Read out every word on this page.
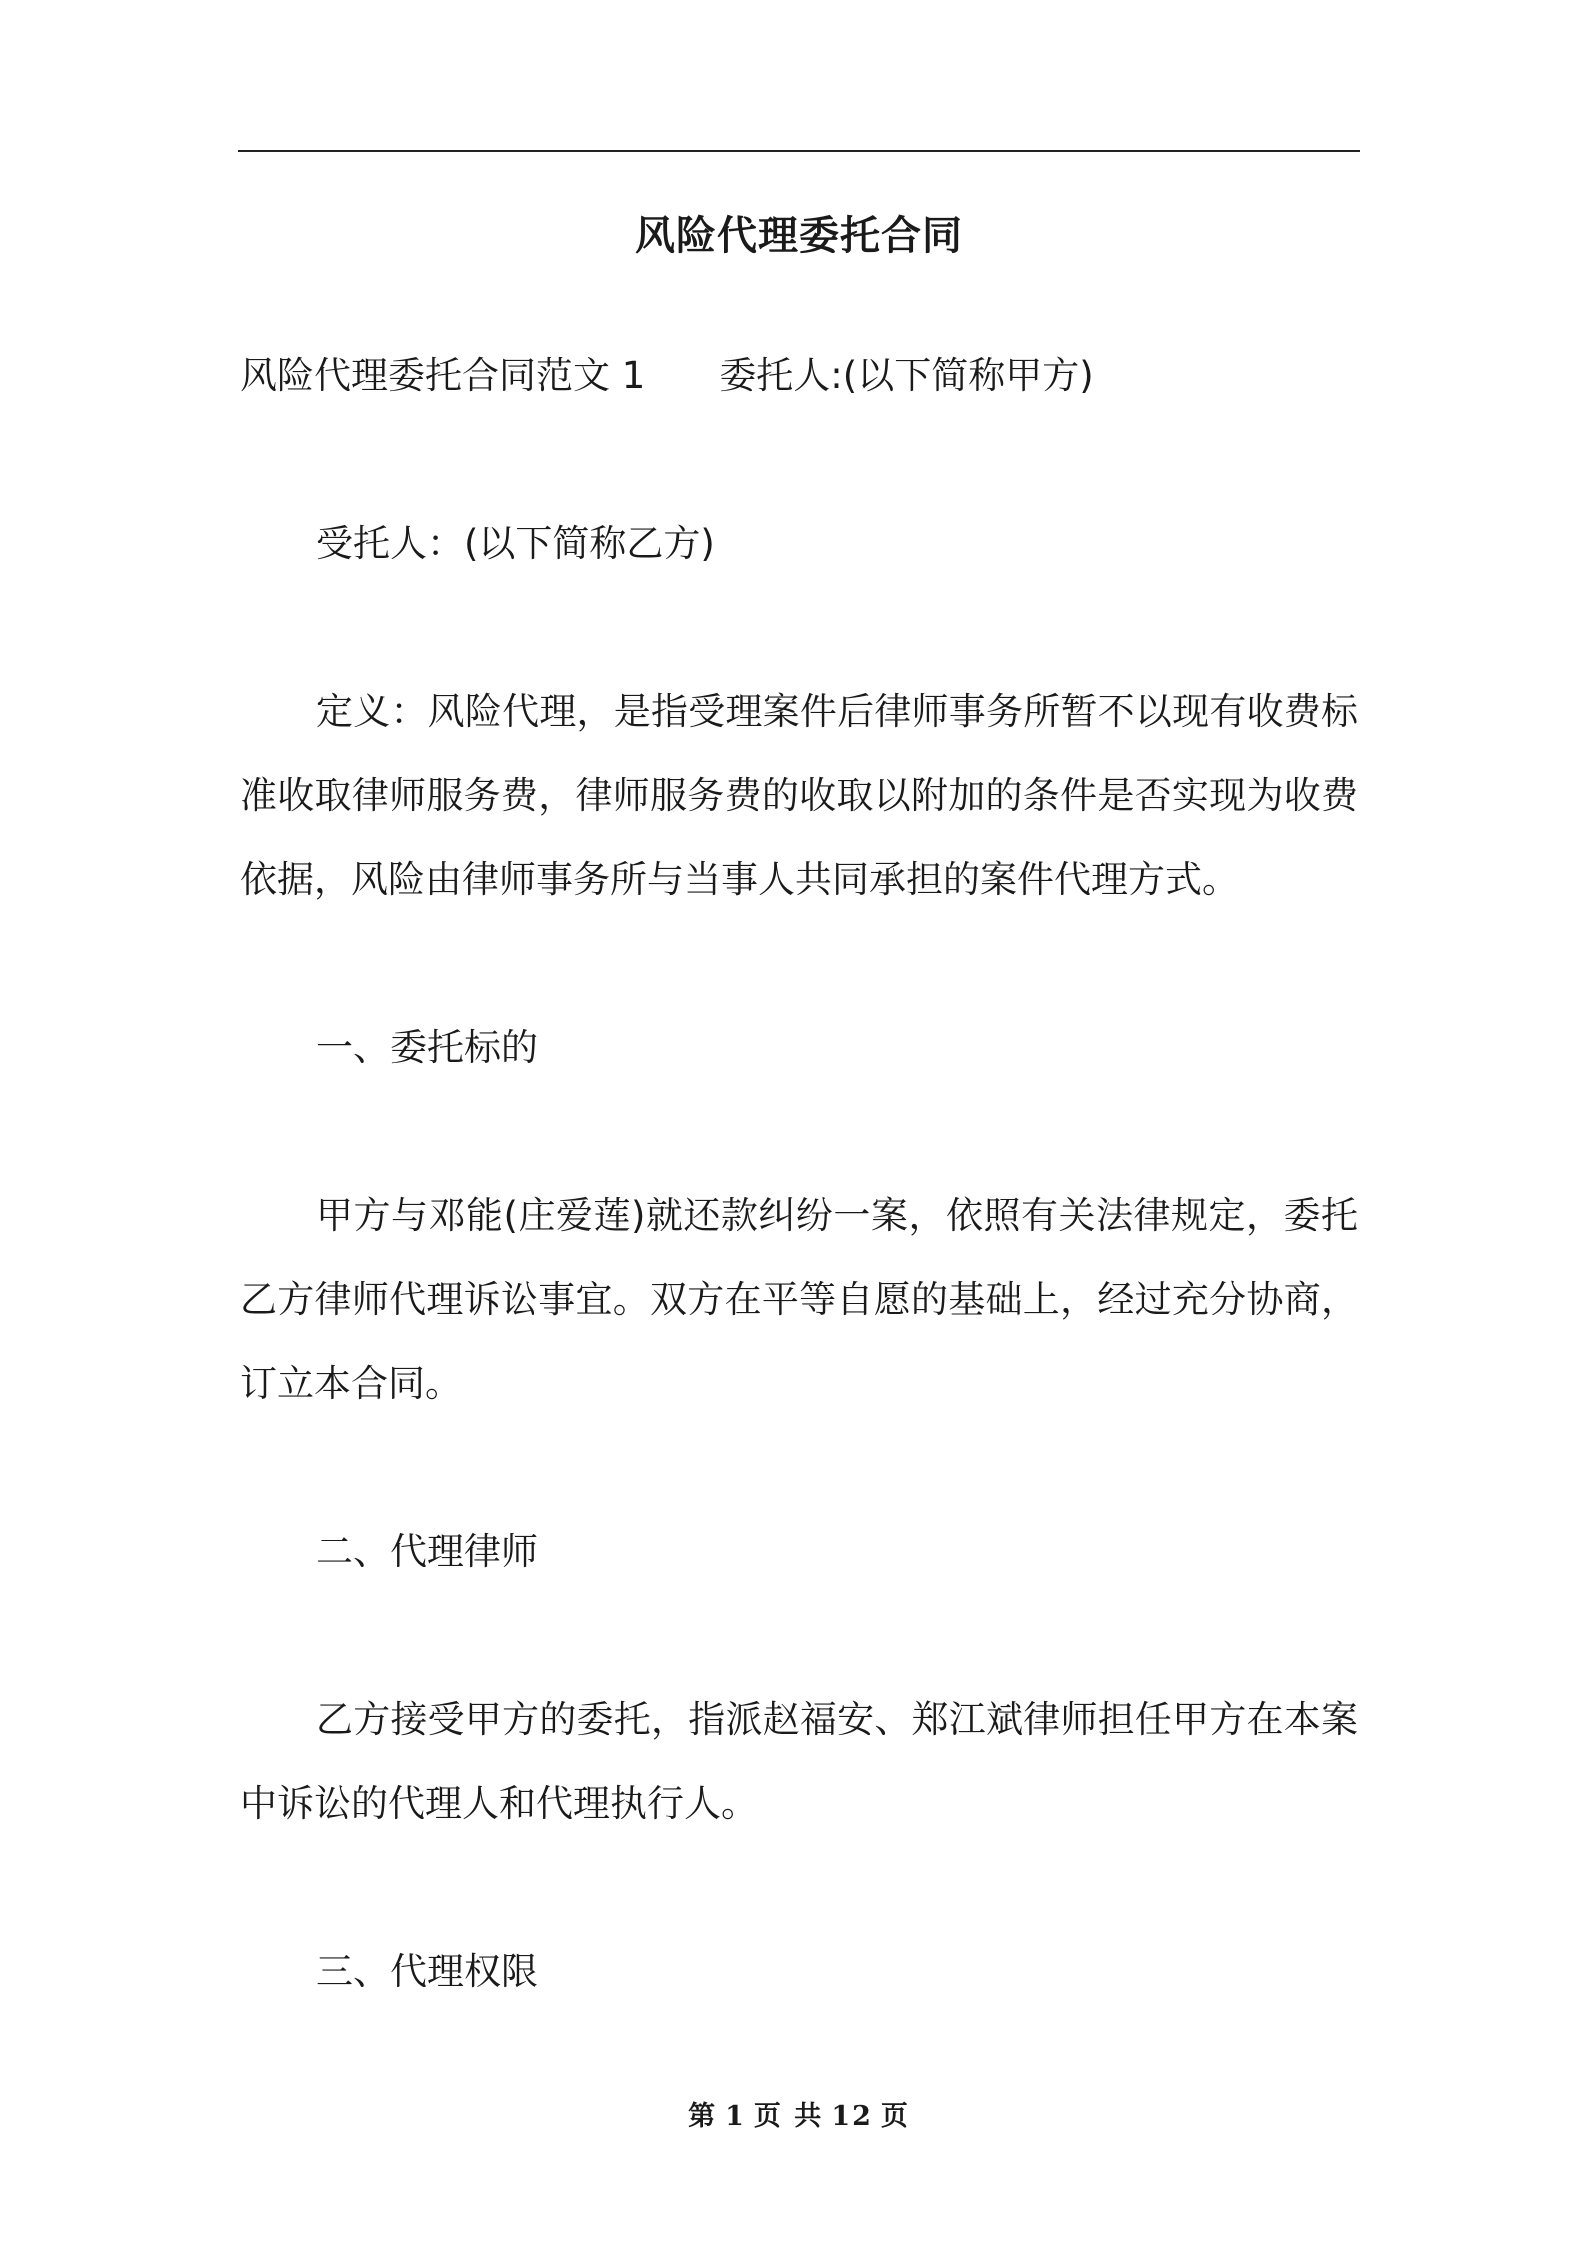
风险代理委托合同

风险代理委托合同范文 1 委托人:(以下简称甲方)

受托人：(以下简称乙方)

定义：风险代理，是指受理案件后律师事务所暂不以现有收费标准收取律师服务费，律师服务费的收取以附加的条件是否实现为收费依据，风险由律师事务所与当事人共同承担的案件代理方式。

一、委托标的

甲方与邓能(庄爱莲)就还款纠纷一案，依照有关法律规定，委托乙方律师代理诉讼事宜。双方在平等自愿的基础上，经过充分协商，订立本合同。

二、代理律师

乙方接受甲方的委托，指派赵福安、郑江斌律师担任甲方在本案中诉讼的代理人和代理执行人。

三、代理权限

第 1 页 共 12 页
